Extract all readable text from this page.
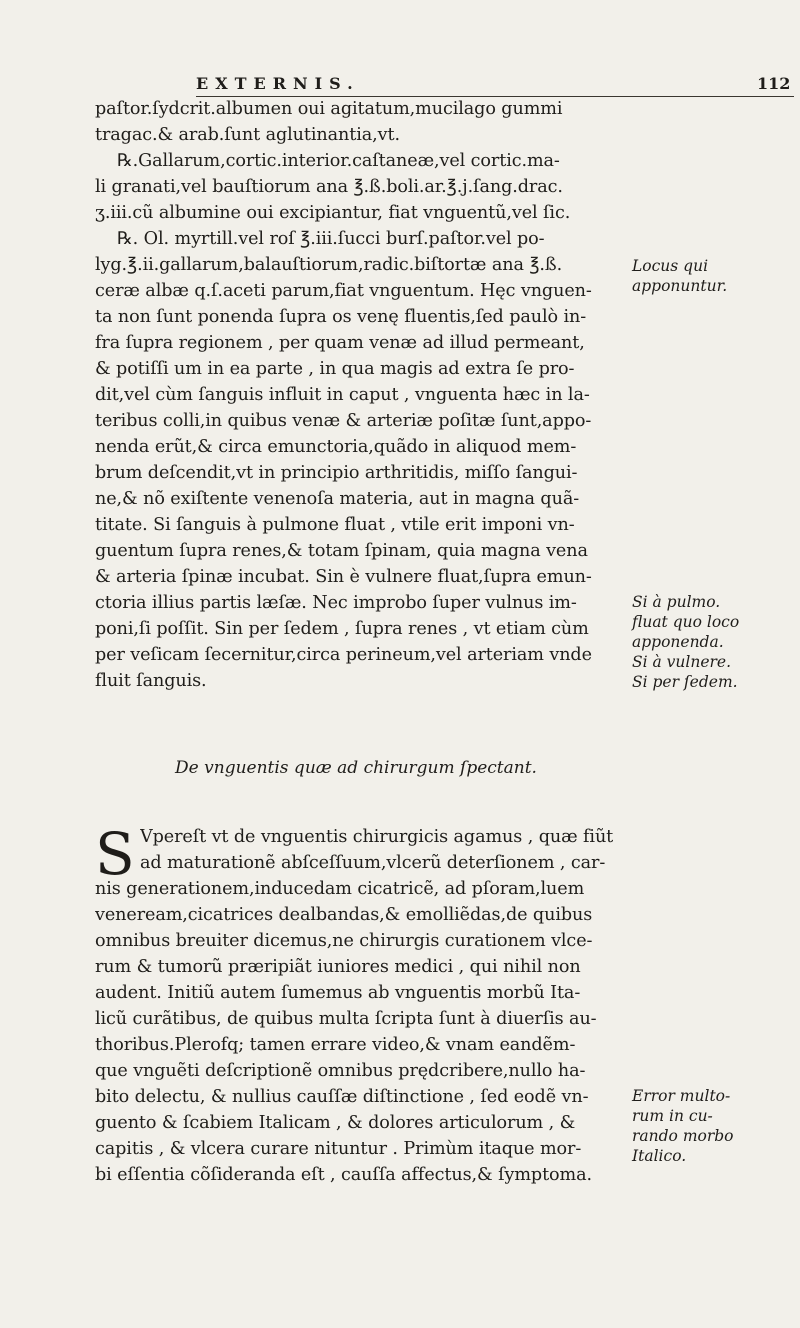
EXTERNIS.	112
paſtor.ſydcrit.albumen oui agitatum,mucilago gummi
tragac.& arab.ſunt aglutinantia,vt.
℞.Gallarum,cortic.interior.caſtaneæ,vel cortic.ma-
li granati,vel bauſtiorum ana ℥.ß.boli.ar.℥.j.ſang.drac.
ʒ.iii.cũ albumine oui excipiantur, fiat vnguentũ,vel ſic.
℞. Ol. myrtill.vel roſ ℥.iii.ſucci burſ.paſtor.vel po-
lyg.℥.ii.gallarum,balauſtiorum,radic.biſtortæ ana ℥.ß.
ceræ albæ q.ſ.aceti parum,fiat vnguentum. Hęc vnguen-
ta non ſunt ponenda ſupra os venę fluentis,ſed paulò in-
fra ſupra regionem , per quam venæ ad illud permeant,
& potiſſi um in ea parte , in qua magis ad extra ſe pro-
dit,vel cùm ſanguis influit in caput , vnguenta hæc in la-
teribus colli,in quibus venæ & arteriæ poſitæ ſunt,appo-
nenda erũt,& circa emunctoria,quãdo in aliquod mem-
brum deſcendit,vt in principio arthritidis, miſſo ſangui-
ne,& nõ exiſtente venenoſa materia, aut in magna quã-
titate. Si ſanguis à pulmone fluat , vtile erit imponi vn-
guentum ſupra renes,& totam ſpinam, quia magna vena
& arteria ſpinæ incubat. Sin è vulnere fluat,ſupra emun-
ctoria illius partis læſæ. Nec improbo ſuper vulnus im-
poni,ſi poſſit. Sin per ſedem , ſupra renes , vt etiam cùm
per veſicam ſecernitur,circa perineum,vel arteriam vnde
fluit ſanguis.
De vnguentis quæ ad chirurgum ſpectant.
S Vpereſt vt de vnguentis chirurgicis agamus , quæ fiũt
ad maturationẽ abſceſſuum,vlcerũ deterſionem , car-
nis generationem,inducedam cicatricẽ, ad pſoram,luem
veneream,cicatrices dealbandas,& emolliẽdas,de quibus
omnibus breuiter dicemus,ne chirurgis curationem vlce-
rum & tumorũ præripiãt iuniores medici , qui nihil non
audent. Initiũ autem ſumemus ab vnguentis morbũ Ita-
licũ curãtibus, de quibus multa ſcripta ſunt à diuerſis au-
thoribus.Plerofq; tamen errare video,& vnam eandẽm-
que vnguẽti deſcriptionẽ omnibus prędcribere,nullo ha-
bito delectu, & nullius cauſſæ diſtinctione , ſed eodẽ vn-
guento & ſcabiem Italicam , & dolores articulorum , &
capitis , & vlcera curare nituntur . Primùm itaque mor-
bi eſſentia cõſideranda eſt , cauſſa affectus,& ſymptoma.
Locus qui
apponuntur.
Si à pulmo.
fluat quo loco
apponenda.
Si à vulnere.
Si per ſedem.
Error multo-
rum in cu-
rando morbo
Italico.
